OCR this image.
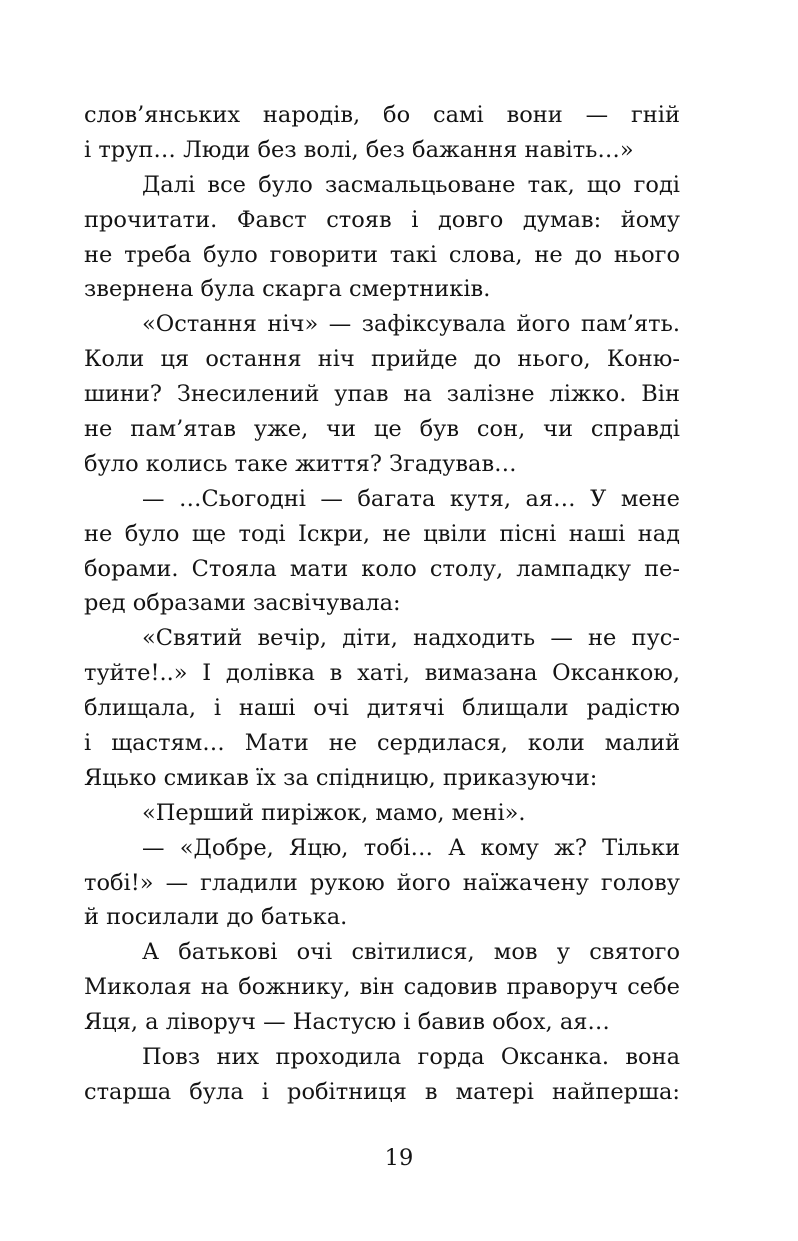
слов’янських народів, бо самі вони — гній
і труп… Люди без волі, без бажання навіть…»
Далі все було засмальцьоване так, що годі
прочитати. Фавст стояв і довго думав: йому
не треба було говорити такі слова, не до нього
звернена була скарга смертників.
«Остання ніч» — зафіксувала його пам’ять.
Коли ця остання ніч прийде до нього, Коню-
шини? Знесилений упав на залізне ліжко. Він
не пам’ятав уже, чи це був сон, чи справді
було колись таке життя? Згадував…
— …Сьогодні — багата кутя, ая… У мене
не було ще тоді Іскри, не цвіли пісні наші над
борами. Стояла мати коло столу, лампадку пе-
ред образами засвічувала:
«Святий вечір, діти, надходить — не пус-
туйте!..» І долівка в хаті, вимазана Оксанкою,
блищала, і наші очі дитячі блищали радістю
і щастям… Мати не сердилася, коли малий
Яцько смикав їх за спідницю, приказуючи:
«Перший пиріжок, мамо, мені».
— «Добре, Яцю, тобі… А кому ж? Тільки
тобі!» — гладили рукою його наїжачену голову
й посилали до батька.
А батькові очі світилися, мов у святого
Миколая на божнику, він садовив праворуч себе
Яця, а ліворуч — Настусю і бавив обох, ая…
Повз них проходила горда Оксанка. вона
старша була і робітниця в матері найперша:
19
